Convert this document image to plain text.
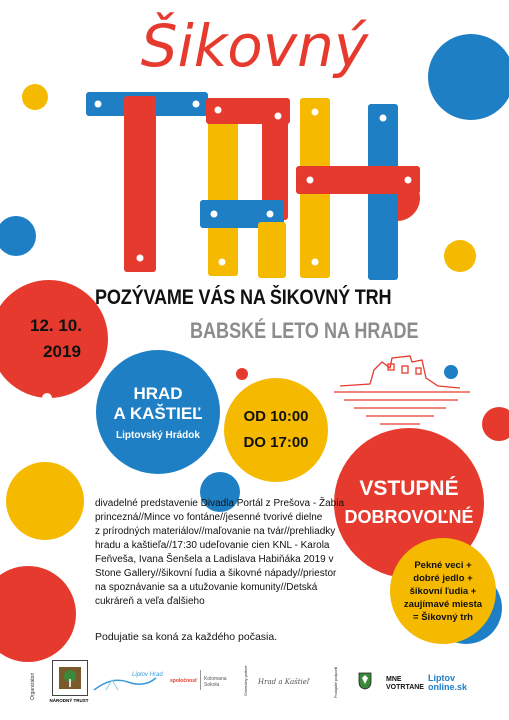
Šikovný
POZÝVAME VÁS NA ŠIKOVNÝ TRH
BABSKÉ LETO NA HRADE
12. 10.
2019
HRAD
A KAŠTIEĽ
Liptovský Hrádok
OD 10:00
DO 17:00
VSTUPNÉ
DOBROVOĽNÉ
Pekné veci +
dobré jedlo +
šikovní ľudia +
zaujímavé miesta
= Šikovný trh
divadelné predstavenie Divadla Portál z Prešova - Žabia
princezná//Mince vo fontáne//jesenné tvorivé dielne
z prírodných materiálov//maľovanie na tvár//prehliadky
hradu a kaštieľa//17:30 udeľovanie cien KNL - Karola
Feňveša, Ivana Šenšela a Ladislava Habiňáka 2019 v
Stone Gallery//šikovní ľudia a šikovné nápady//priestor
na spoznávanie sa a utužovanie komunity//Detská
cukráreň a veľa ďalšieho
Podujatie sa koná za každého počasia.
Organizátori
NÁRODNÝ TRUST
Liptov Hrad
spoločnosť Kolomana Sokola	Generálny partner Hrad a Kaštieľ	Podujatie podporili	MNE VOTRTANE
Liptov online.sk
